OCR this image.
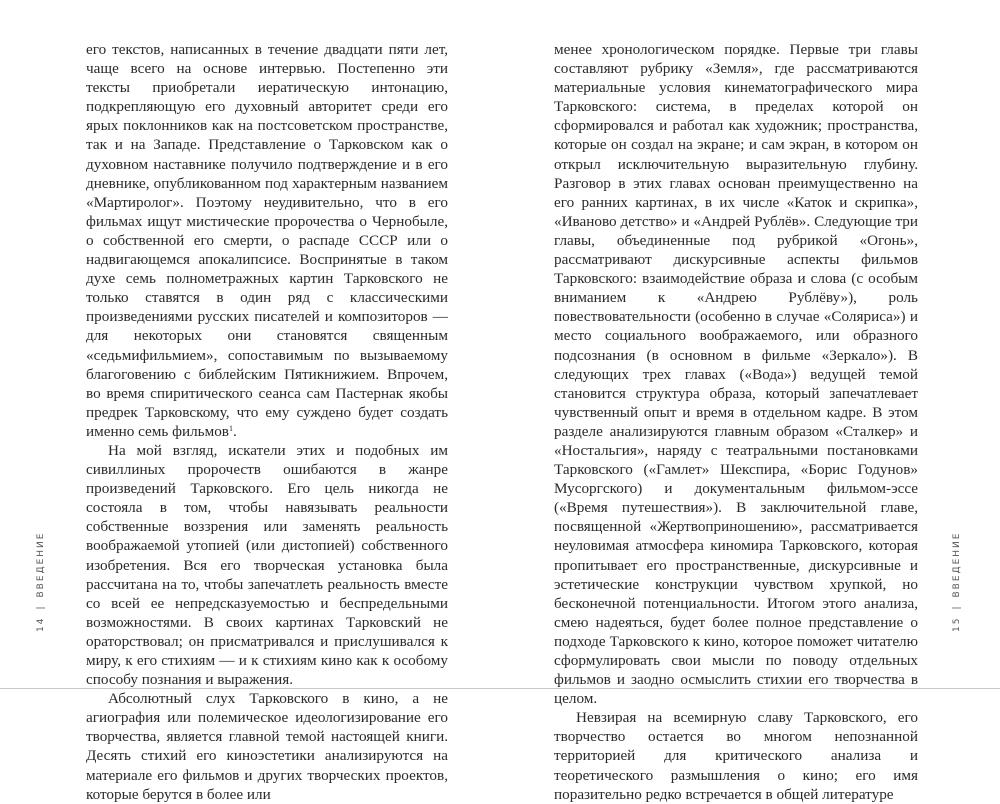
его текстов, написанных в течение двадцати пяти лет, чаще всего на основе интервью. Постепенно эти тексты приобретали иератическую интонацию, подкрепляющую его духовный авторитет среди его ярых поклонников как на постсоветском пространстве, так и на Западе. Представление о Тарковском как о духовном наставнике получило подтверждение и в его дневнике, опубликованном под характерным названием «Мартиролог». Поэтому неудивительно, что в его фильмах ищут мистические пророчества о Чернобыле, о собственной его смерти, о распаде СССР или о надвигающемся апокалипсисе. Воспринятые в таком духе семь полнометражных картин Тарковского не только ставятся в один ряд с классическими произведениями русских писателей и композиторов — для некоторых они становятся священным «седьмифильмием», сопоставимым по вызываемому благоговению с библейским Пятикнижием. Впрочем, во время спиритического сеанса сам Пастернак якобы предрек Тарковскому, что ему суждено будет создать именно семь фильмов$^1$.

На мой взгляд, искатели этих и подобных им сивиллиных пророчеств ошибаются в жанре произведений Тарковского. Его цель никогда не состояла в том, чтобы навязывать реальности собственные воззрения или заменять реальность воображаемой утопией (или дистопией) собственного изобретения. Вся его творческая установка была рассчитана на то, чтобы запечатлеть реальность вместе со всей ее непредсказуемостью и беспредельными возможностями. В своих картинах Тарковский не ораторствовал; он присматривался и прислушивался к миру, к его стихиям — и к стихиям кино как к особому способу познания и выражения.

Абсолютный слух Тарковского в кино, а не агиография или полемическое идеологизирование его творчества, является главной темой настоящей книги. Десять стихий его киноэстетики анализируются на материале его фильмов и других творческих проектов, которые берутся в более или

14|ВВЕДЕНИЕ

менее хронологическом порядке. Первые три главы составляют рубрику «Земля», где рассматриваются материальные условия кинематографического мира Тарковского: система, в пределах которой он сформировался и работал как художник; пространства, которые он создал на экране; и сам экран, в котором он открыл исключительную выразительную глубину. Разговор в этих главах основан преимущественно на его ранних картинах, в их числе «Каток и скрипка», «Иваново детство» и «Андрей Рублёв». Следующие три главы, объединенные под рубрикой «Огонь», рассматривают дискурсивные аспекты фильмов Тарковского: взаимодействие образа и слова (с особым вниманием к «Андрею Рублёву»), роль повествовательности (особенно в случае «Соляриса») и место социального воображаемого, или образного подсознания (в основном в фильме «Зеркало»). В следующих трех главах («Вода») ведущей темой становится структура образа, который запечатлевает чувственный опыт и время в отдельном кадре. В этом разделе анализируются главным образом «Сталкер» и «Ностальгия», наряду с театральными постановками Тарковского («Гамлет» Шекспира, «Борис Годунов» Мусоргского) и документальным фильмом-эссе («Время путешествия»). В заключительной главе, посвященной «Жертвоприношению», рассматривается неуловимая атмосфера киномира Тарковского, которая пропитывает его пространственные, дискурсивные и эстетические конструкции чувством хрупкой, но бесконечной потенциальности. Итогом этого анализа, смею надеяться, будет более полное представление о подходе Тарковского к кино, которое поможет читателю сформулировать свои мысли по поводу отдельных фильмов и заодно осмыслить стихии его творчества в целом.

Невзирая на всемирную славу Тарковского, его творчество остается во многом непознанной территорией для критического анализа и теоретического размышления о кино; его имя поразительно редко встречается в общей литературе

15|ВВЕДЕНИЕ
